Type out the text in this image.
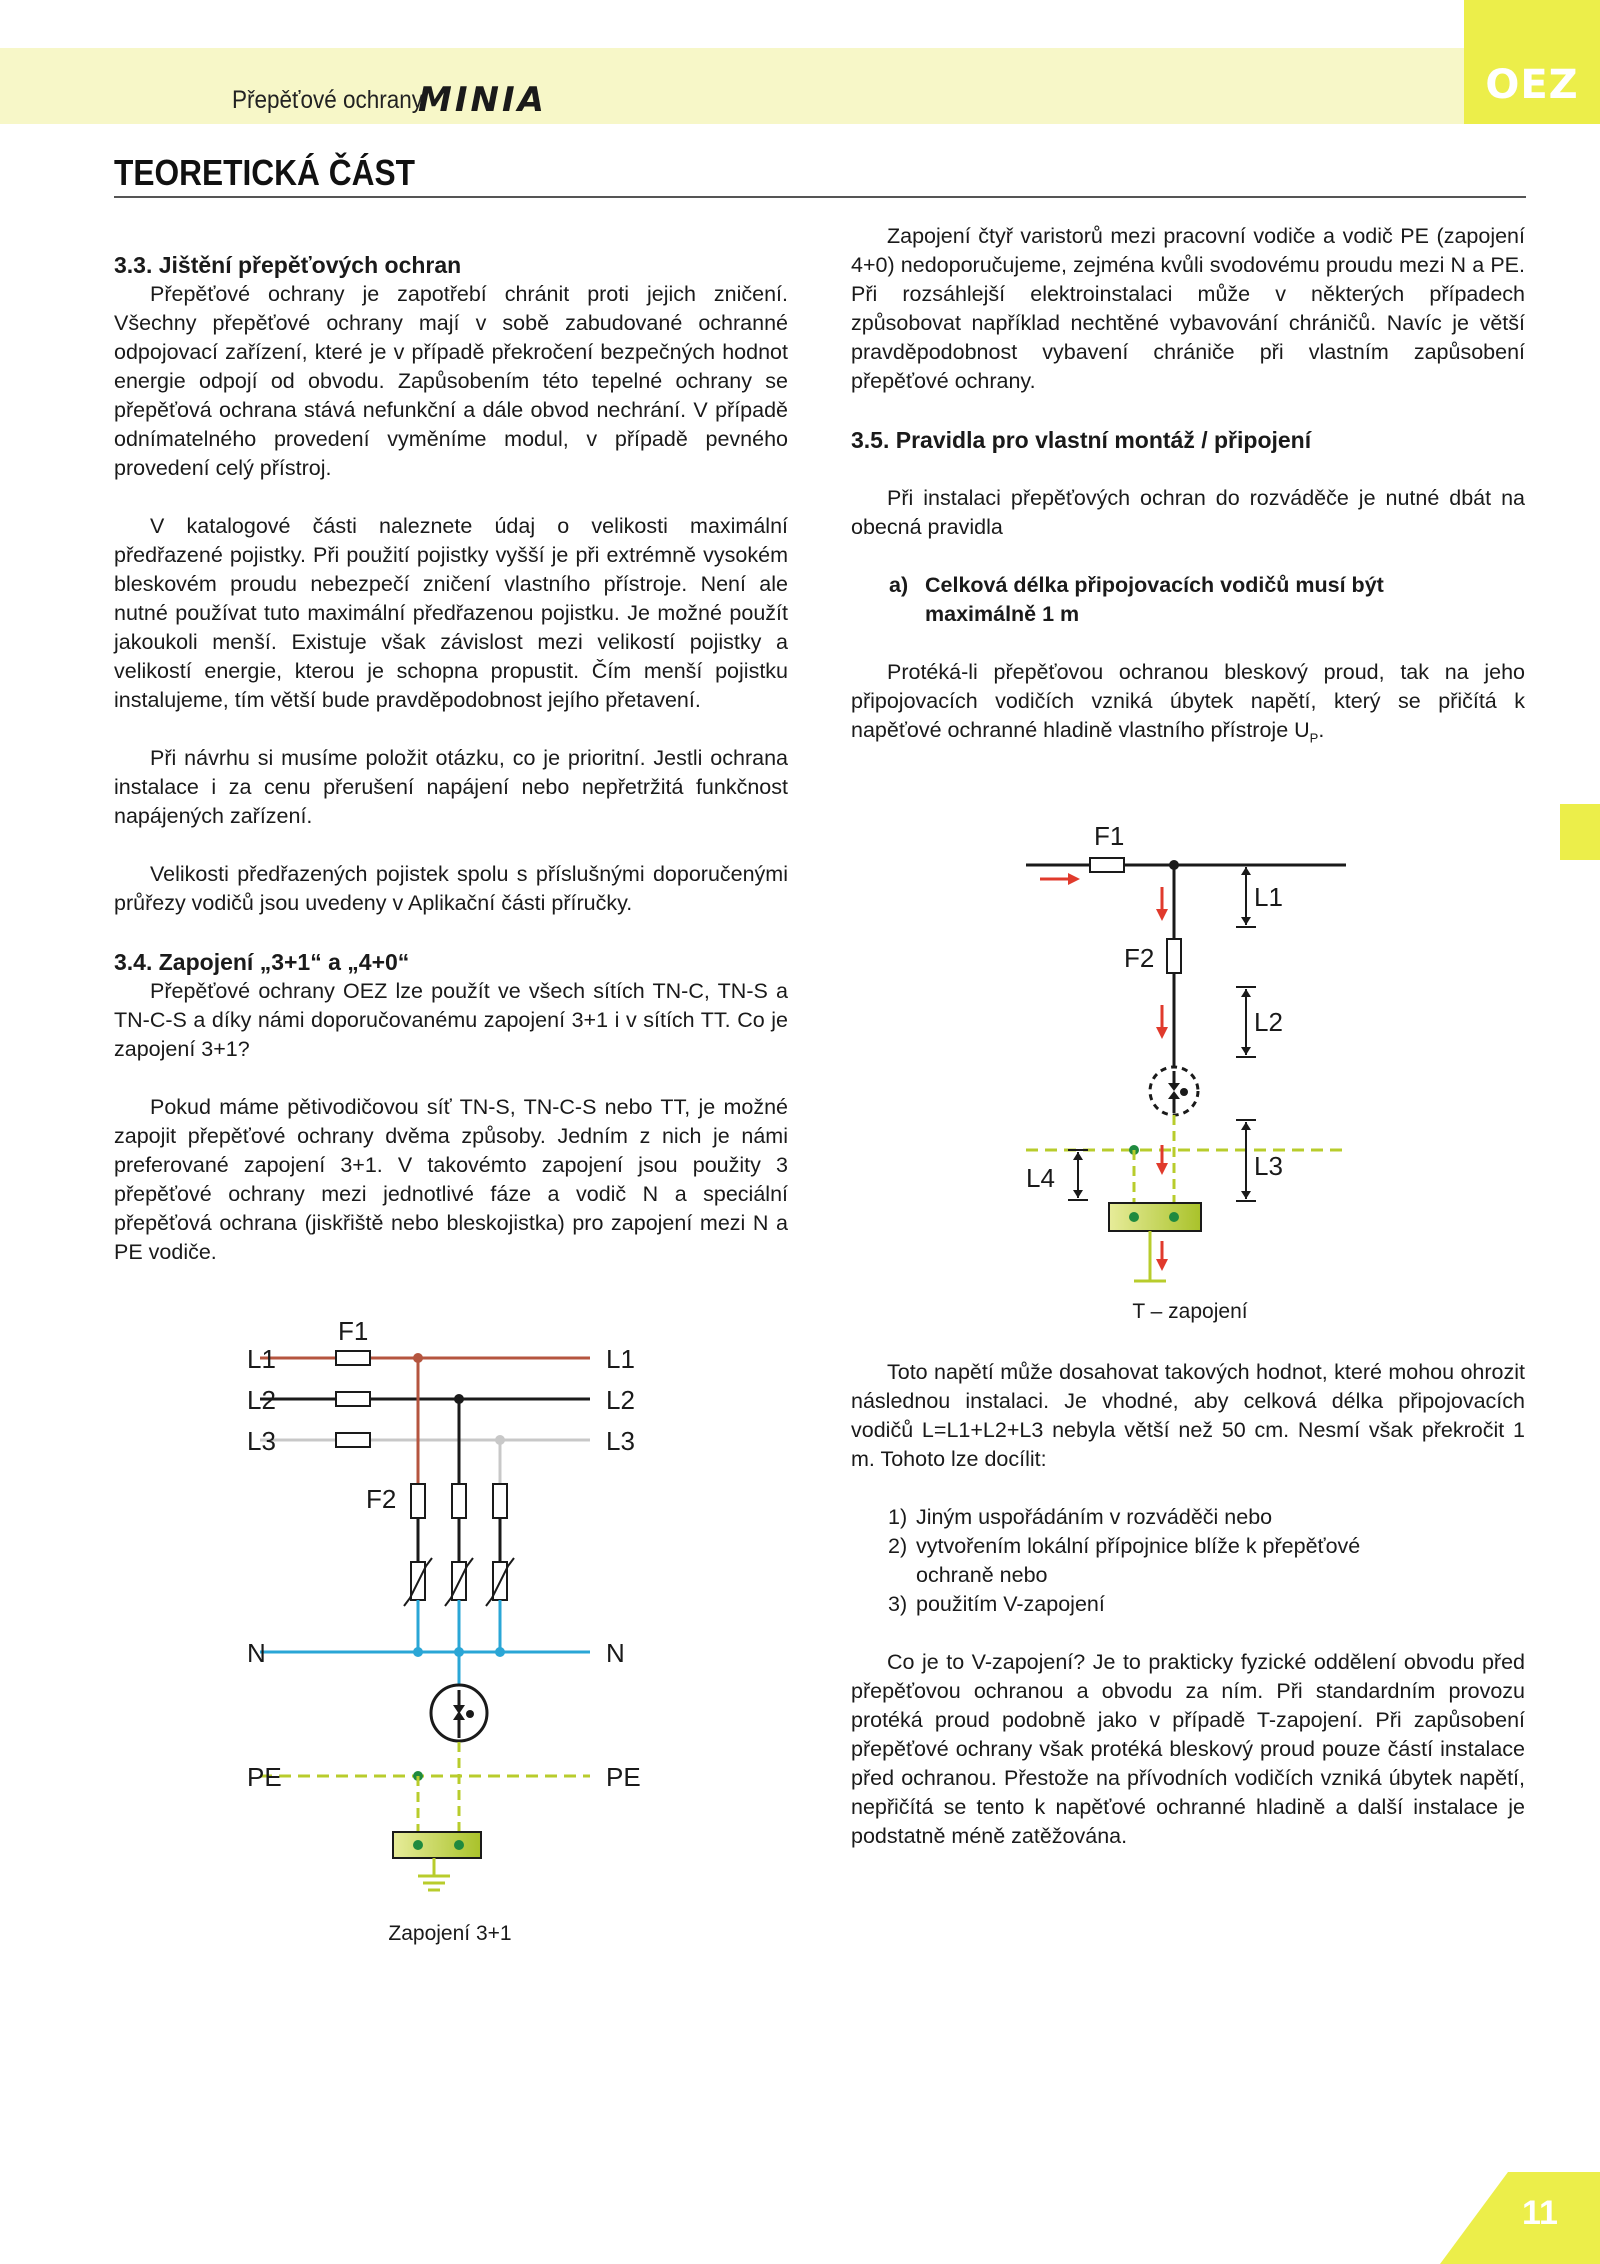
Přepěťové ochrany
MINIA	OEZ
TEORETICKÁ ČÁST
3.3. Jištění přepěťových ochran

Přepěťové ochrany je zapotřebí chránit proti jejich zničení. Všechny přepěťové ochrany mají v sobě zabudované ochranné odpojovací zařízení, které je v případě překročení bezpečných hodnot energie odpojí od obvodu. Zapůsobením této tepelné ochrany se přepěťová ochrana stává nefunkční a dále obvod nechrání. V případě odnímatelného provedení vyměníme modul, v případě pevného provedení celý přístroj.

V katalogové části naleznete údaj o velikosti maximální předřazené pojistky. Při použití pojistky vyšší je při extrémně vysokém bleskovém proudu nebezpečí zničení vlastního přístroje. Není ale nutné používat tuto maximální předřazenou pojistku. Je možné použít jakoukoli menší. Existuje však závislost mezi velikostí pojistky a velikostí energie, kterou je schopna propustit. Čím menší pojistku instalujeme, tím větší bude pravděpodobnost jejího přetavení.

Při návrhu si musíme položit otázku, co je prioritní. Jestli ochrana instalace i za cenu přerušení napájení nebo nepřetržitá funkčnost napájených zařízení.

Velikosti předřazených pojistek spolu s příslušnými doporučenými průřezy vodičů jsou uvedeny v Aplikační části příručky.

3.4. Zapojení „3+1“ a „4+0“

Přepěťové ochrany OEZ lze použít ve všech sítích TN-C, TN-S a TN-C-S a díky námi doporučovanému zapojení 3+1 i v sítích TT. Co je zapojení 3+1?

Pokud máme pětivodičovou síť TN-S, TN-C-S nebo TT, je možné zapojit přepěťové ochrany dvěma způsoby. Jedním z nich je námi preferované zapojení 3+1. V takovémto zapojení jsou použity 3 přepěťové ochrany mezi jednotlivé fáze a vodič N a speciální přepěťová ochrana (jiskřiště nebo bleskojistka) pro zapojení mezi N a PE vodiče.

F1
L1
L2
L3
L1
L2
L3
F2
N	N
PE	PE
Zapojení 3+1

Zapojení čtyř varistorů mezi pracovní vodiče a vodič PE (zapojení 4+0) nedoporučujeme, zejména kvůli svodovému proudu mezi N a PE. Při rozsáhlejší elektroinstalaci může v některých případech způsobovat například nechtěné vybavování chráničů. Navíc je větší pravděpodobnost vybavení chrániče při vlastním zapůsobení přepěťové ochrany.

3.5. Pravidla pro vlastní montáž / připojení

Při instalaci přepěťových ochran do rozváděče je nutné dbát na obecná pravidla

a) Celková délka připojovacích vodičů musí být maximálně 1 m

Protéká-li přepěťovou ochranou bleskový proud, tak na jeho připojovacích vodičích vzniká úbytek napětí, který se přičítá k napěťové ochranné hladině vlastního přístroje $U_P$.

F1
F2
L1
L2
L3
L4
T – zapojení

Toto napětí může dosahovat takových hodnot, které mohou ohrozit následnou instalaci. Je vhodné, aby celková délka připojovacích vodičů L=L1+L2+L3 nebyla větší než 50 cm. Nesmí však překročit 1 m. Tohoto lze docílit:

1) Jiným uspořádáním v rozváděči nebo
2) vytvořením lokální přípojnice blíže k přepěťové ochraně nebo
3) použitím V-zapojení

Co je to V-zapojení? Je to prakticky fyzické oddělení obvodu před přepěťovou ochranou a obvodu za ním. Při standardním provozu protéká proud podobně jako v případě T-zapojení. Při zapůsobení přepěťové ochrany však protéká bleskový proud pouze částí instalace před ochranou. Přestože na přívodních vodičích vzniká úbytek napětí, nepřičítá se tento k napěťové ochranné hladině a další instalace je podstatně méně zatěžována.

11
